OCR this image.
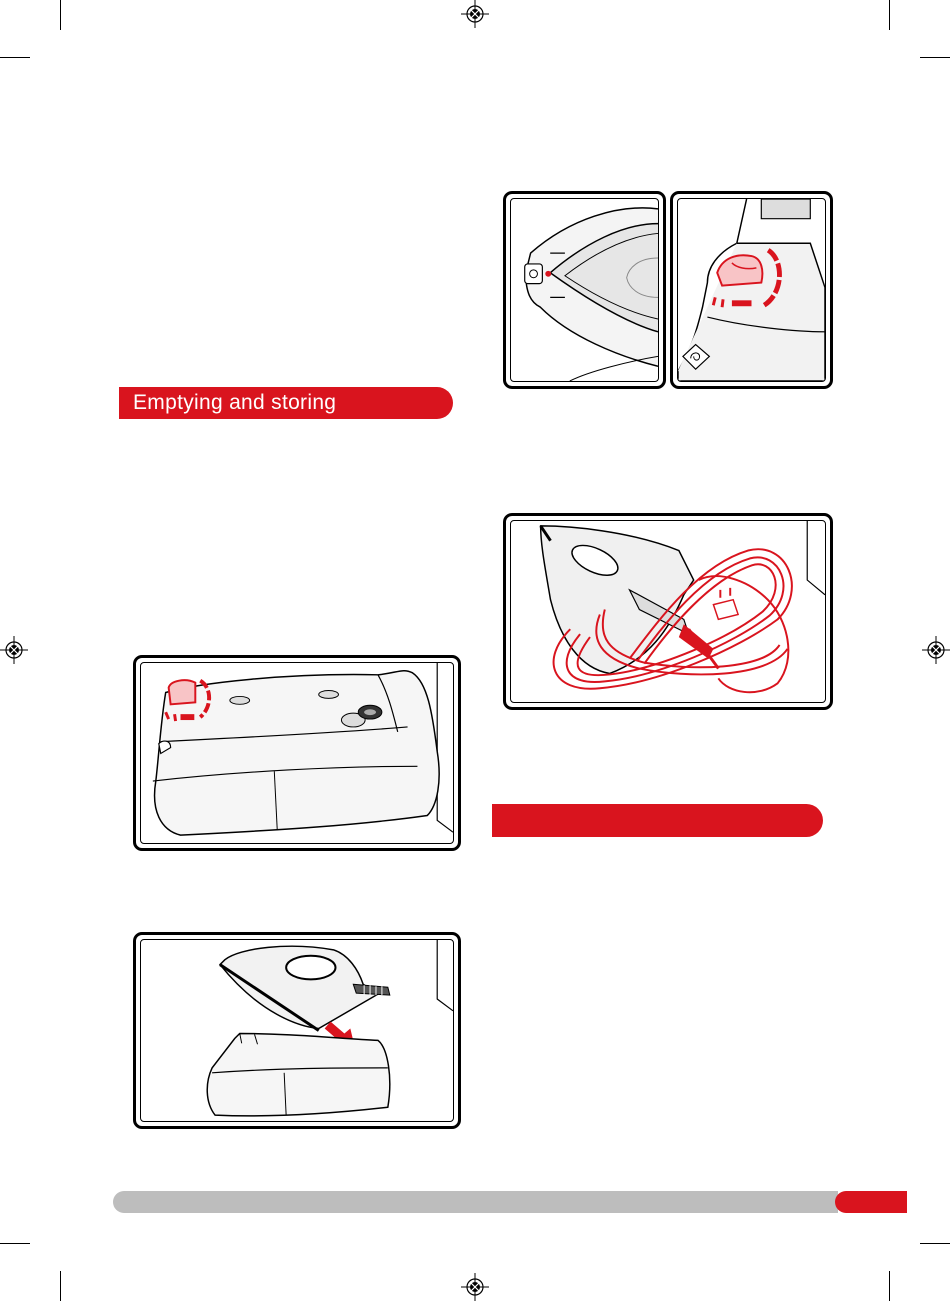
Emptying and storing
